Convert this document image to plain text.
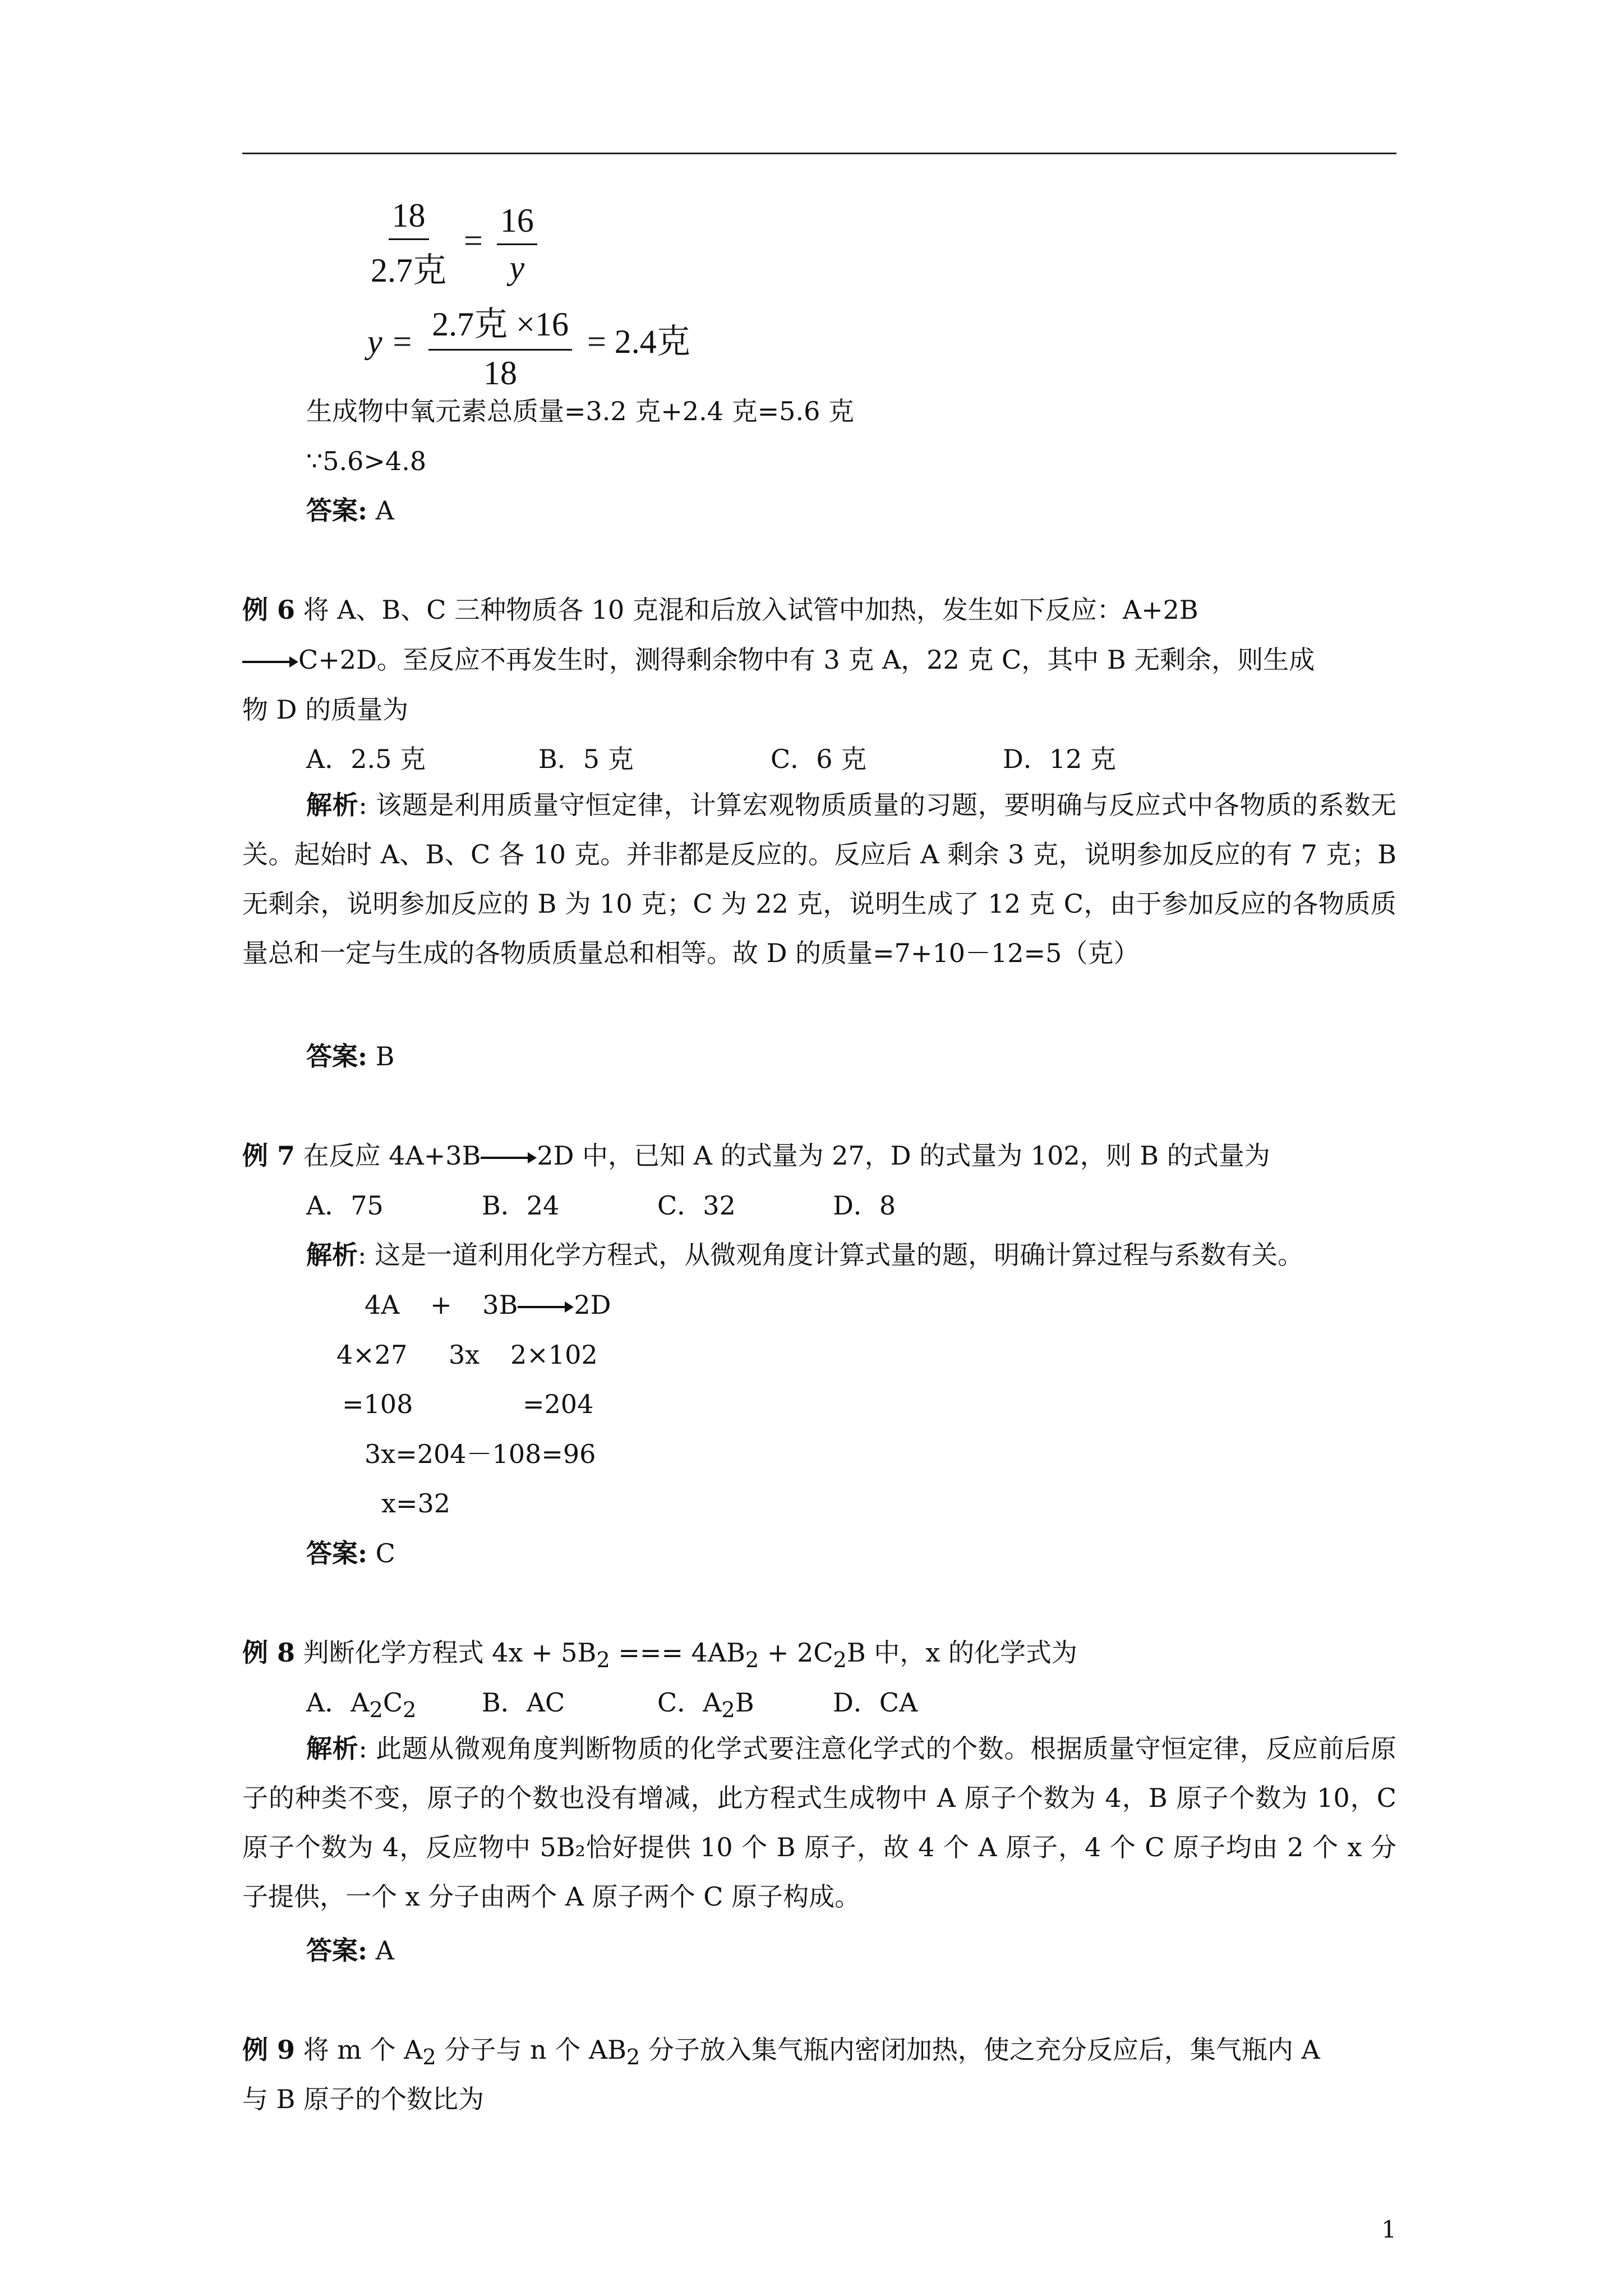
$\frac{18}{\text{2.7克}} = \frac{16}{y}$
$y = \frac{\text{2.7克 ×16}}{18} = 2.4$克
生成物中氧元素总质量=3.2 克+2.4 克=5.6 克
∵5.6>4.8
答案: A
例 6 将 A、B、C 三种物质各 10 克混和后放入试管中加热，发生如下反应：A+2B
→C+2D。至反应不再发生时，测得剩余物中有 3 克 A，22 克 C，其中 B 无剩余，则生成
物 D 的质量为
A．2.5 克	B．5 克	C．6 克	D．12 克
解析: 该题是利用质量守恒定律，计算宏观物质质量的习题，要明确与反应式中各物质的系数无关。起始时 A、B、C 各 10 克。并非都是反应的。反应后 A 剩余 3 克，说明参加反应的有 7 克；B 无剩余，说明参加反应的 B 为 10 克；C 为 22 克，说明生成了 12 克 C，由于参加反应的各物质质量总和一定与生成的各物质质量总和相等。故 D 的质量=7+10－12=5（克）
答案: B
例 7 在反应 4A+3B→2D 中，已知 A 的式量为 27，D 的式量为 102，则 B 的式量为
A．75	B．24	C．32	D．8
解析: 这是一道利用化学方程式，从微观角度计算式量的题，明确计算过程与系数有关。
4A + 3B→2D
4×27 3x 2×102
=108	=204
3x=204－108=96
x=32
答案: C
例 8 判断化学方程式 $4x + 5B_2$ === $4AB_2 + 2C_2B$ 中，x 的化学式为
A．$A_2C_2$	B．AC	C．$A_2B$	D．CA
解析: 此题从微观角度判断物质的化学式要注意化学式的个数。根据质量守恒定律，反应前后原子的种类不变，原子的个数也没有增减，此方程式生成物中 A 原子个数为 4，B 原子个数为 10，C 原子个数为 4，反应物中 5B₂恰好提供 10 个 B 原子，故 4 个 A 原子，4 个 C 原子均由 2 个 x 分子提供，一个 x 分子由两个 A 原子两个 C 原子构成。
答案: A
例 9 将 m 个 $A_2$ 分子与 n 个 $AB_2$ 分子放入集气瓶内密闭加热，使之充分反应后，集气瓶内 A
与 B 原子的个数比为
1
